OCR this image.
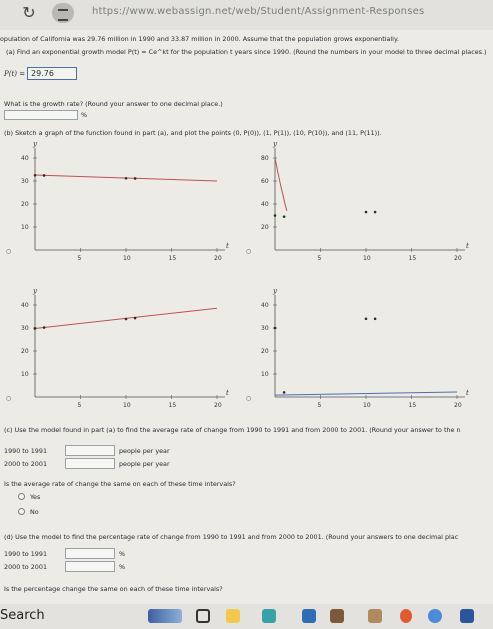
↻	https://www.webassign.net/web/Student/Assignment-Responses
opulation of California was 29.76 million in 1990 and 33.87 million in 2000. Assume that the population grows exponentially.
(a) Find an exponential growth model P(t) = Ce^kt for the population t years since 1990. (Round the numbers in your model to three decimal places.)
P(t) = 29.76
What is the growth rate? (Round your answer to one decimal place.)
%
(b) Sketch a graph of the function found in part (a), and plot the points (0, P(0)), (1, P(1)), (10, P(10)), and (11, P(11)).
○
t
y
5	10	15	20
10
20
30
40
○
t
y
5	10	15	20
20
40
60
80
○
t
y
5	10	15	20
10
20
30
40
○
t
y
5	10	15	20
10
20
30
40
(c) Use the model found in part (a) to find the average rate of change from 1990 to 1991 and from 2000 to 2001. (Round your answer to the n
1990 to 1991	people per year
2000 to 2001	people per year
Is the average rate of change the same on each of these time intervals?
Yes
No
(d) Use the model to find the percentage rate of change from 1990 to 1991 and from 2000 to 2001. (Round your answers to one decimal plac
1990 to 1991	%
2000 to 2001	%
Is the percentage change the same on each of these time intervals?
Search
